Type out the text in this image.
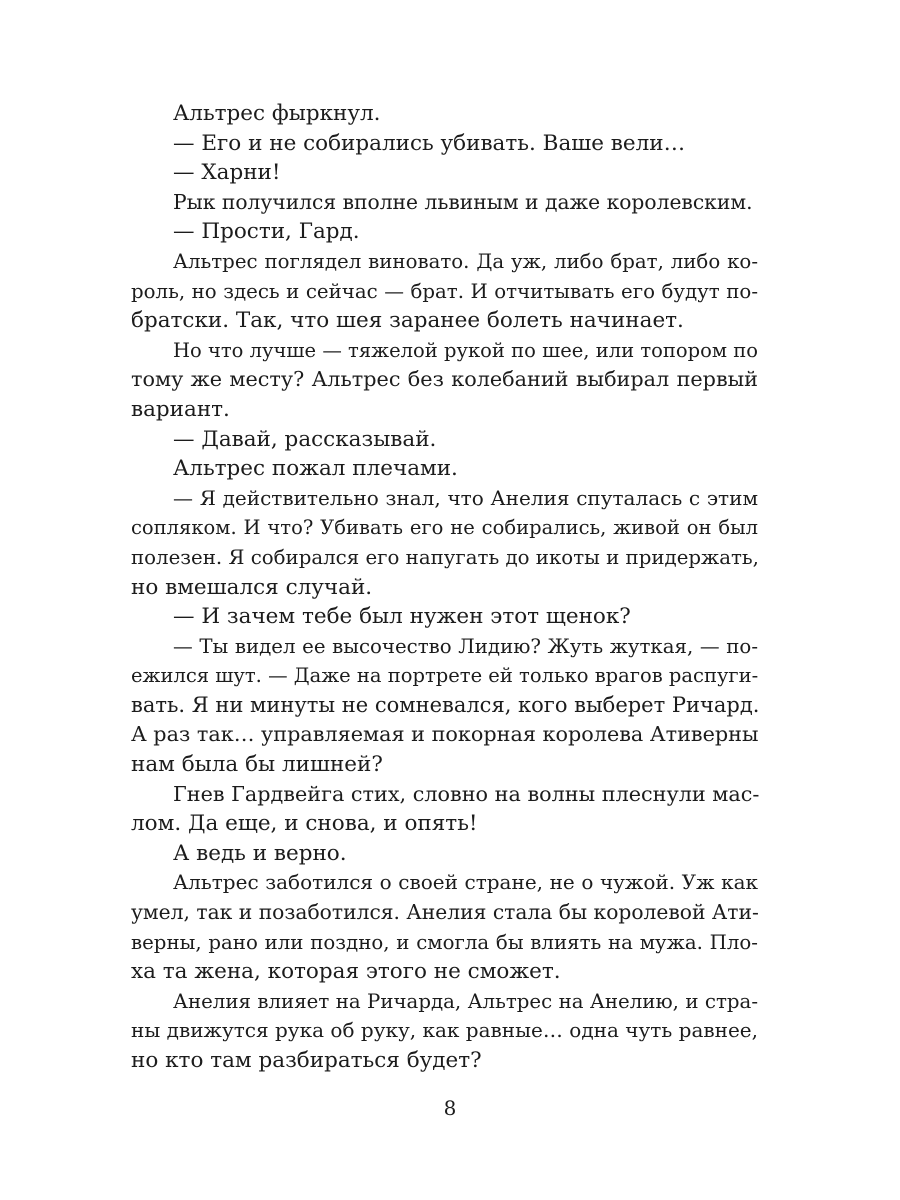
Альтрес фыркнул.
— Его и не собирались убивать. Ваше вели…
— Харни!
Рык получился вполне львиным и даже королевским.
— Прости, Гард.
Альтрес поглядел виновато. Да уж, либо брат, либо ко-
роль, но здесь и сейчас — брат. И отчитывать его будут по-
братски. Так, что шея заранее болеть начинает.
Но что лучше — тяжелой рукой по шее, или топором по
тому же месту? Альтрес без колебаний выбирал первый
вариант.
— Давай, рассказывай.
Альтрес пожал плечами.
— Я действительно знал, что Анелия спуталась с этим
сопляком. И что? Убивать его не собирались, живой он был
полезен. Я собирался его напугать до икоты и придержать,
но вмешался случай.
— И зачем тебе был нужен этот щенок?
— Ты видел ее высочество Лидию? Жуть жуткая, — по-
ежился шут. — Даже на портрете ей только врагов распуги-
вать. Я ни минуты не сомневался, кого выберет Ричард.
А раз так… управляемая и покорная королева Ативерны
нам была бы лишней?
Гнев Гардвейга стих, словно на волны плеснули мас-
лом. Да еще, и снова, и опять!
А ведь и верно.
Альтрес заботился о своей стране, не о чужой. Уж как
умел, так и позаботился. Анелия стала бы королевой Ати-
верны, рано или поздно, и смогла бы влиять на мужа. Пло-
ха та жена, которая этого не сможет.
Анелия влияет на Ричарда, Альтрес на Анелию, и стра-
ны движутся рука об руку, как равные… одна чуть равнее,
но кто там разбираться будет?
8
